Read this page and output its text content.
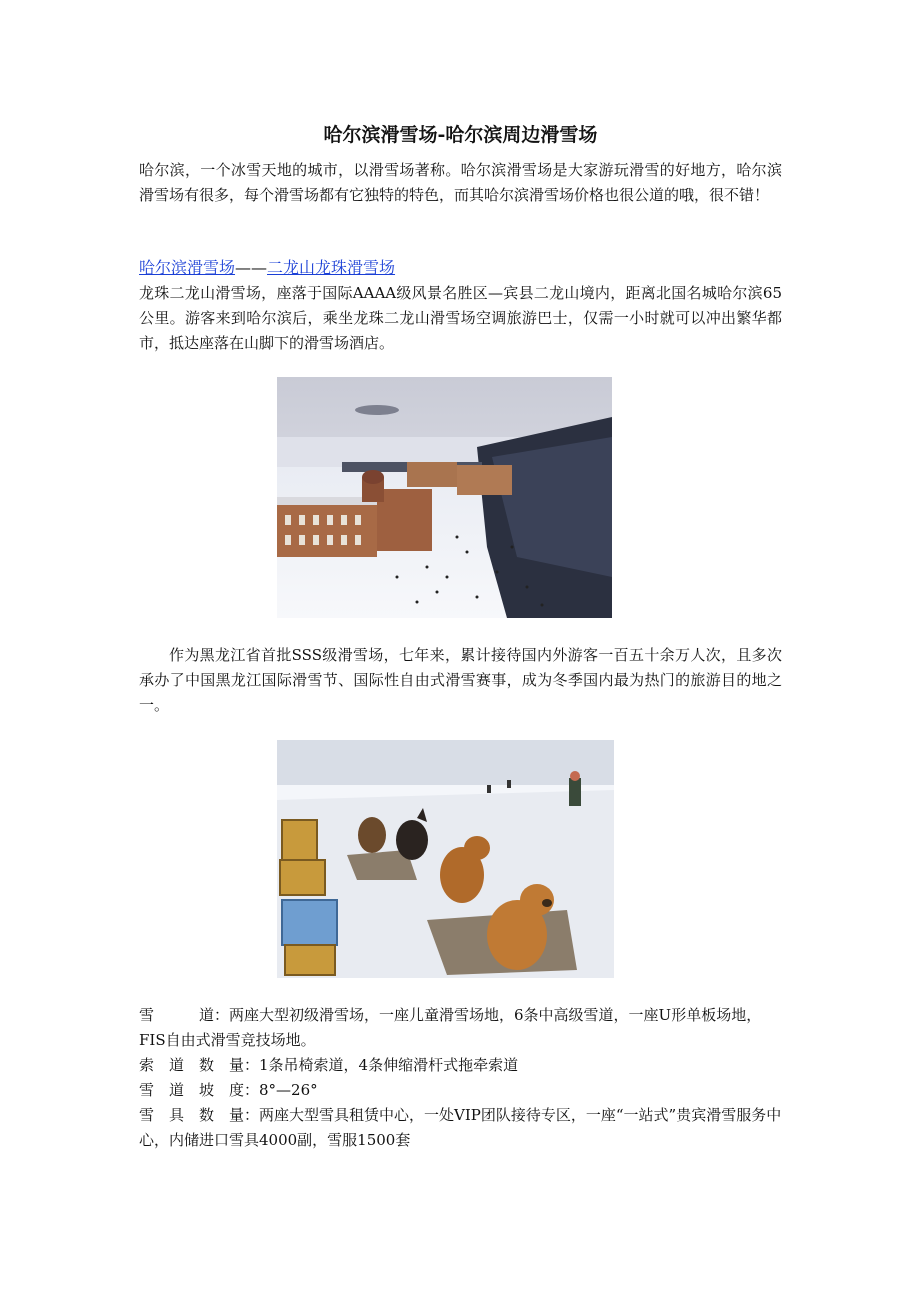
哈尔滨滑雪场-哈尔滨周边滑雪场

哈尔滨，一个冰雪天地的城市，以滑雪场著称。哈尔滨滑雪场是大家游玩滑雪的好地方，哈尔滨滑雪场有很多，每个滑雪场都有它独特的特色，而其哈尔滨滑雪场价格也很公道的哦，很不错！

哈尔滨滑雪场——二龙山龙珠滑雪场

龙珠二龙山滑雪场，座落于国际AAAA级风景名胜区—宾县二龙山境内，距离北国名城哈尔滨65公里。游客来到哈尔滨后，乘坐龙珠二龙山滑雪场空调旅游巴士，仅需一小时就可以冲出繁华都市，抵达座落在山脚下的滑雪场酒店。

作为黑龙江省首批SSS级滑雪场，七年来，累计接待国内外游客一百五十余万人次，且多次承办了中国黑龙江国际滑雪节、国际性自由式滑雪赛事，成为冬季国内最为热门的旅游目的地之一。

雪　　　道：两座大型初级滑雪场，一座儿童滑雪场地，6条中高级雪道，一座U形单板场地，FIS自由式滑雪竞技场地。
索　道　数　量：1条吊椅索道，4条伸缩滑杆式拖牵索道
雪　道　坡　度：8°—26°
雪　具　数　量：两座大型雪具租赁中心，一处VIP团队接待专区，一座“一站式”贵宾滑雪服务中心，内储进口雪具4000副，雪服1500套
